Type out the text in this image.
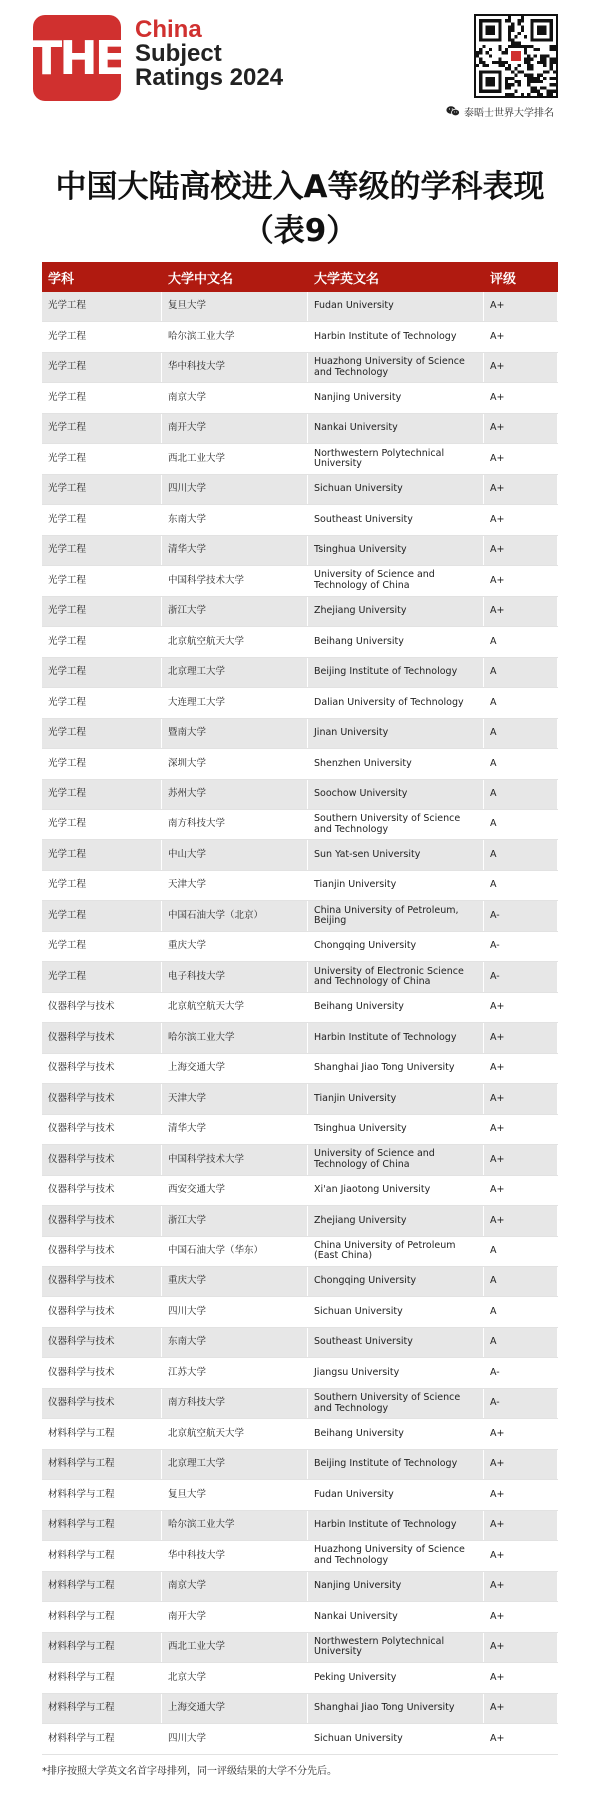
THE
China
Subject
Ratings 2024
泰晤士世界大学排名
中国大陆高校进入A等级的学科表现
（表9）
学科	大学中文名	大学英文名	评级
光学工程	复旦大学	Fudan University	A+
光学工程	哈尔滨工业大学	Harbin Institute of Technology	A+
光学工程	华中科技大学	Huazhong University of Science and Technology	A+
光学工程	南京大学	Nanjing University	A+
光学工程	南开大学	Nankai University	A+
光学工程	西北工业大学	Northwestern Polytechnical University	A+
光学工程	四川大学	Sichuan University	A+
光学工程	东南大学	Southeast University	A+
光学工程	清华大学	Tsinghua University	A+
光学工程	中国科学技术大学	University of Science and Technology of China	A+
光学工程	浙江大学	Zhejiang University	A+
光学工程	北京航空航天大学	Beihang University	A
光学工程	北京理工大学	Beijing Institute of Technology	A
光学工程	大连理工大学	Dalian University of Technology	A
光学工程	暨南大学	Jinan University	A
光学工程	深圳大学	Shenzhen University	A
光学工程	苏州大学	Soochow University	A
光学工程	南方科技大学	Southern University of Science and Technology	A
光学工程	中山大学	Sun Yat-sen University	A
光学工程	天津大学	Tianjin University	A
光学工程	中国石油大学（北京）	China University of Petroleum, Beijing	A-
光学工程	重庆大学	Chongqing University	A-
光学工程	电子科技大学	University of Electronic Science and Technology of China	A-
仪器科学与技术	北京航空航天大学	Beihang University	A+
仪器科学与技术	哈尔滨工业大学	Harbin Institute of Technology	A+
仪器科学与技术	上海交通大学	Shanghai Jiao Tong University	A+
仪器科学与技术	天津大学	Tianjin University	A+
仪器科学与技术	清华大学	Tsinghua University	A+
仪器科学与技术	中国科学技术大学	University of Science and Technology of China	A+
仪器科学与技术	西安交通大学	Xi'an Jiaotong University	A+
仪器科学与技术	浙江大学	Zhejiang University	A+
仪器科学与技术	中国石油大学（华东）	China University of Petroleum (East China)	A
仪器科学与技术	重庆大学	Chongqing University	A
仪器科学与技术	四川大学	Sichuan University	A
仪器科学与技术	东南大学	Southeast University	A
仪器科学与技术	江苏大学	Jiangsu University	A-
仪器科学与技术	南方科技大学	Southern University of Science and Technology	A-
材料科学与工程	北京航空航天大学	Beihang University	A+
材料科学与工程	北京理工大学	Beijing Institute of Technology	A+
材料科学与工程	复旦大学	Fudan University	A+
材料科学与工程	哈尔滨工业大学	Harbin Institute of Technology	A+
材料科学与工程	华中科技大学	Huazhong University of Science and Technology	A+
材料科学与工程	南京大学	Nanjing University	A+
材料科学与工程	南开大学	Nankai University	A+
材料科学与工程	西北工业大学	Northwestern Polytechnical University	A+
材料科学与工程	北京大学	Peking University	A+
材料科学与工程	上海交通大学	Shanghai Jiao Tong University	A+
材料科学与工程	四川大学	Sichuan University	A+
*排序按照大学英文名首字母排列，同一评级结果的大学不分先后。
